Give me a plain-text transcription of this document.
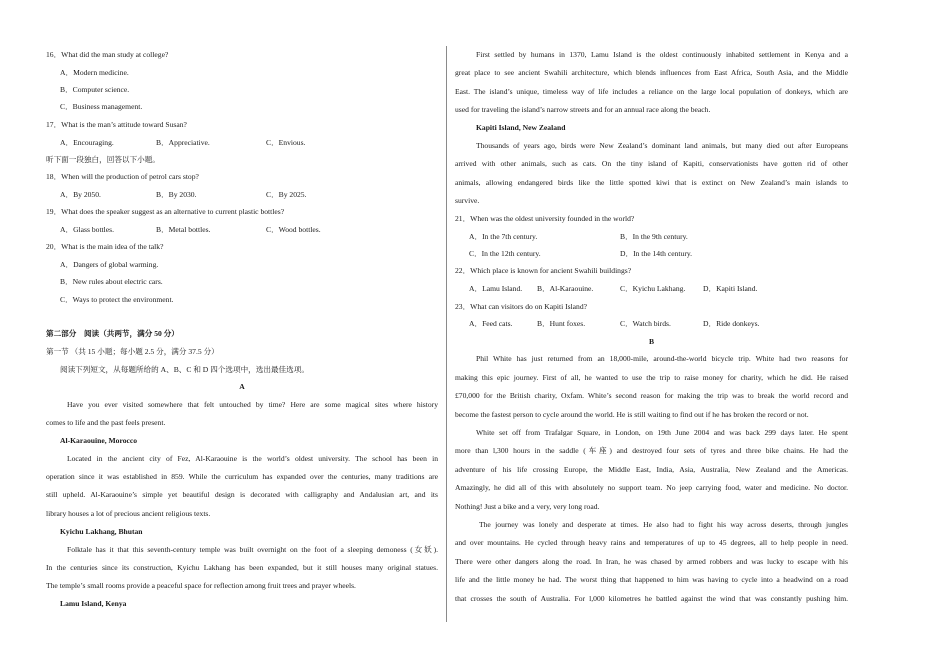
16．What did the man study at college?
A．Modern medicine.
B．Computer science.
C．Business management.
17．What is the man’s attitude toward Susan?
A．Encouraging.	B．Appreciative.	C．Envious.
听下面一段独白，回答以下小题。
18．When will the production of petrol cars stop?
A．By 2050.	B．By 2030.	C．By 2025.
19．What does the speaker suggest as an alternative to current plastic bottles?
A．Glass bottles.	B．Metal bottles.	C．Wood bottles.
20．What is the main idea of the talk?
A．Dangers of global warming.
B．New rules about electric cars.
C．Ways to protect the environment.
第二部分　阅读（共两节，满分 50 分）
第一节 （共 15 小题；每小题 2.5 分，满分 37.5 分）
阅读下列短文，从每题所给的 A、B、C 和 D 四个选项中，选出最佳选项。
A
Have you ever visited somewhere that felt untouched by time? Here are some magical sites where history
comes to life and the past feels present.
Al-Karaouine, Morocco
Located in the ancient city of Fez, Al-Karaouine is the world’s oldest university. The school has been in
operation since it was established in 859. While the curriculum has expanded over the centuries, many traditions are
still upheld. Al-Karaouine’s simple yet beautiful design is decorated with calligraphy and Andalusian art, and its
library houses a lot of precious ancient religious texts.
Kyichu Lakhang, Bhutan
Folktale has it that this seventh-century temple was built overnight on the foot of a sleeping demoness (女妖).
In the centuries since its construction, Kyichu Lakhang has been expanded, but it still houses many original statues.
The temple’s small rooms provide a peaceful space for reflection among fruit trees and prayer wheels.
Lamu Island, Kenya
First settled by humans in 1370, Lamu Island is the oldest continuously inhabited settlement in Kenya and a
great place to see ancient Swahili architecture, which blends influences from East Africa, South Asia, and the Middle
East. The island’s unique, timeless way of life includes a reliance on the large local population of donkeys, which are
used for traveling the island’s narrow streets and for an annual race along the beach.
Kapiti Island, New Zealand
Thousands of years ago, birds were New Zealand’s dominant land animals, but many died out after Europeans
arrived with other animals, such as cats. On the tiny island of Kapiti, conservationists have gotten rid of other
animals, allowing endangered birds like the little spotted kiwi that is extinct on New Zealand’s main islands to
survive.
21．When was the oldest university founded in the world?
A．In the 7th century.	B．In the 9th century.
C．In the 12th century.	D．In the 14th century.
22．Which place is known for ancient Swahili buildings?
A．Lamu Island. B．Al-Karaouine.	C．Kyichu Lakhang. D．Kapiti Island.
23．What can visitors do on Kapiti Island?
A．Feed cats.	B．Hunt foxes.	C．Watch birds.	D．Ride donkeys.
B
Phil White has just returned from an 18,000-mile, around-the-world bicycle trip. White had two reasons for
making this epic journey. First of all, he wanted to use the trip to raise money for charity, which he did. He raised
£70,000 for the British charity, Oxfam. White’s second reason for making the trip was to break the world record and
become the fastest person to cycle around the world. He is still waiting to find out if he has broken the record or not.
White set off from Trafalgar Square, in London, on 19th June 2004 and was back 299 days later. He spent
more than l,300 hours in the saddle (车座) and destroyed four sets of tyres and three bike chains. He had the
adventure of his life crossing Europe, the Middle East, India, Asia, Australia, New Zealand and the Americas.
Amazingly, he did all of this with absolutely no support team. No jeep carrying food, water and medicine. No doctor.
Nothing! Just a bike and a very, very long road.
The journey was lonely and desperate at times. He also had to fight his way across deserts, through jungles
and over mountains. He cycled through heavy rains and temperatures of up to 45 degrees, all to help people in need.
There were other dangers along the road. In Iran, he was chased by armed robbers and was lucky to escape with his
life and the little money he had. The worst thing that happened to him was having to cycle into a headwind on a road
that crosses the south of Australia. For l,000 kilometres he battled against the wind that was constantly pushing him.
